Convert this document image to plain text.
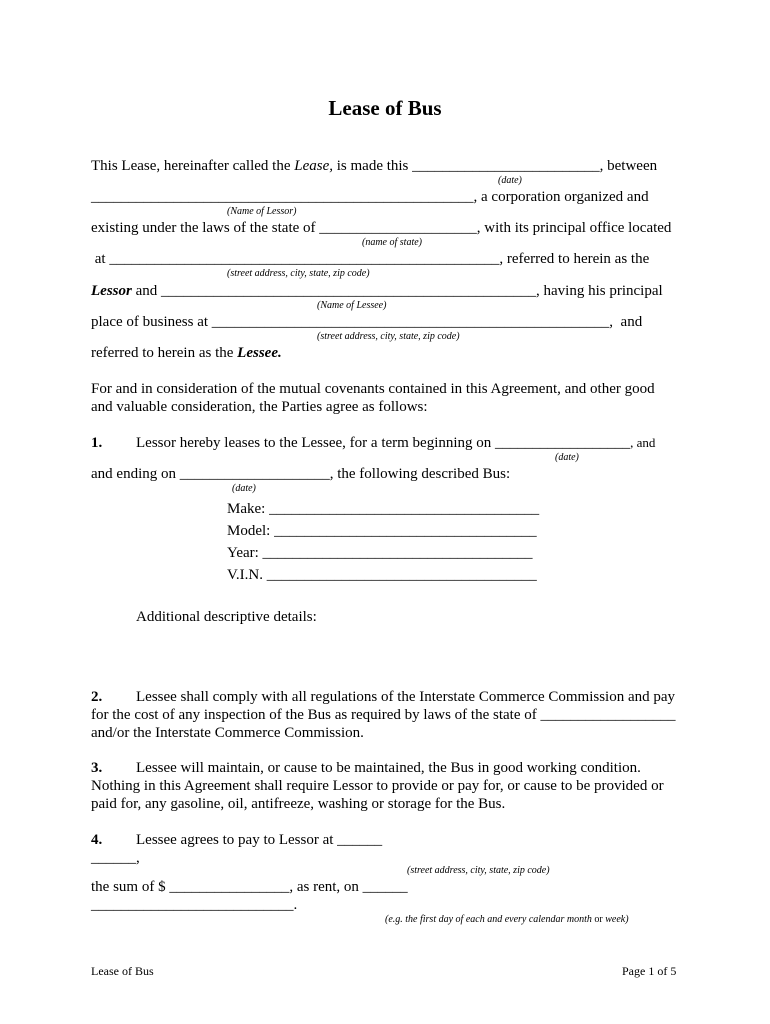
Lease of Bus
This Lease, hereinafter called the Lease, is made this _________________________, between
(date)
___________________________________________________, a corporation organized and
(Name of Lessor)
existing under the laws of the state of _____________________, with its principal office located
(name of state)
at ____________________________________________________, referred to herein as the
(street address, city, state, zip code)
Lessor and __________________________________________________, having his principal
(Name of Lessee)
place of business at _____________________________________________________,  and
(street address, city, state, zip code)
referred to herein as the Lessee.
For and in consideration of the mutual covenants contained in this Agreement, and other good
and valuable consideration, the Parties agree as follows:
1. Lessor hereby leases to the Lessee, for a term beginning on __________________, and
(date)
and ending on ____________________, the following described Bus:
(date)
Make: ____________________________________
Model: ___________________________________
Year: ____________________________________
V.I.N. ____________________________________
Additional descriptive details:
2. Lessee shall comply with all regulations of the Interstate Commerce Commission and pay
for the cost of any inspection of the Bus as required by laws of the state of __________________
and/or the Interstate Commerce Commission.
3. Lessee will maintain, or cause to be maintained, the Bus in good working condition.
Nothing in this Agreement shall require Lessor to provide or pay for, or cause to be provided or
paid for, any gasoline, oil, antifreeze, washing or storage for the Bus.
4. Lessee agrees to pay to Lessor at ______
______,
(street address, city, state, zip code)
the sum of $ ________________, as rent, on ______
___________________________.
(e.g. the first day of each and every calendar month or week)
Lease of Bus	Page 1 of 5
